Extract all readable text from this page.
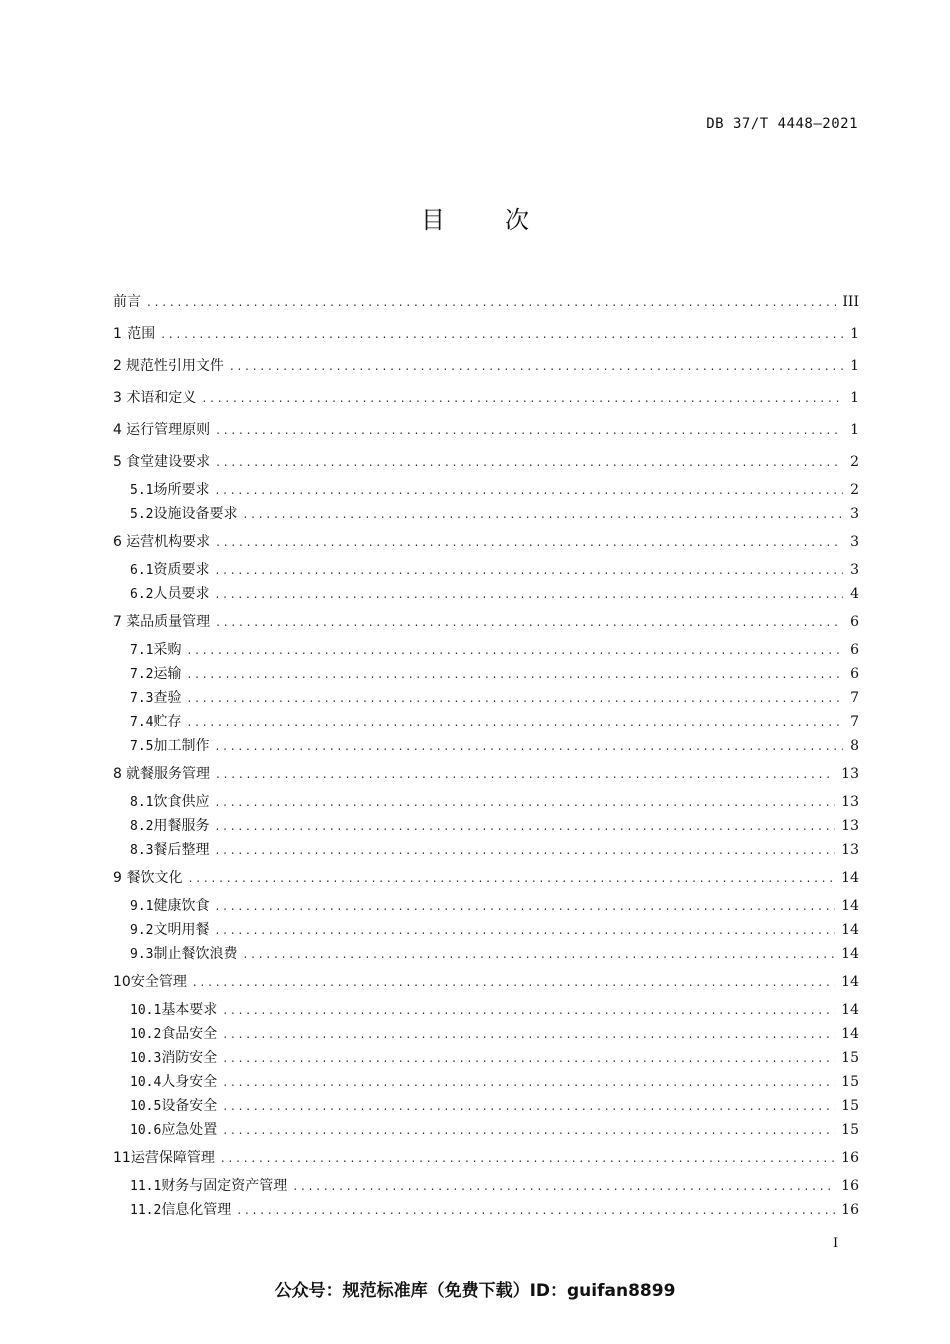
DB 37/T 4448—2021
目	次
前言 . . .	III
1 范围 . . .	1
2 规范性引用文件 . . .	1
3 术语和定义 . . .	1
4 运行管理原则 . . .	1
5 食堂建设要求 . . .	2
5.1 场所要求 . . .	2
5.2 设施设备要求 . . .	3
6 运营机构要求 . . .	3
6.1 资质要求 . . .	3
6.2 人员要求 . . .	4
7 菜品质量管理 . . .	6
7.1 采购 . . .	6
7.2 运输 . . .	6
7.3 查验 . . .	7
7.4 贮存 . . .	7
7.5 加工制作 . . .	8
8 就餐服务管理 . . .	13
8.1 饮食供应 . . .	13
8.2 用餐服务 . . .	13
8.3 餐后整理 . . .	13
9 餐饮文化 . . .	14
9.1 健康饮食 . . .	14
9.2 文明用餐 . . .	14
9.3 制止餐饮浪费 . . .	14
10 安全管理 . . .	14
10.1 基本要求 . . .	14
10.2 食品安全 . . .	14
10.3 消防安全 . . .	15
10.4 人身安全 . . .	15
10.5 设备安全 . . .	15
10.6 应急处置 . . .	15
11 运营保障管理 . . .	16
11.1 财务与固定资产管理 . . .	16
11.2 信息化管理 . . .	16
I
公众号：规范标准库（免费下载）ID：guifan8899
